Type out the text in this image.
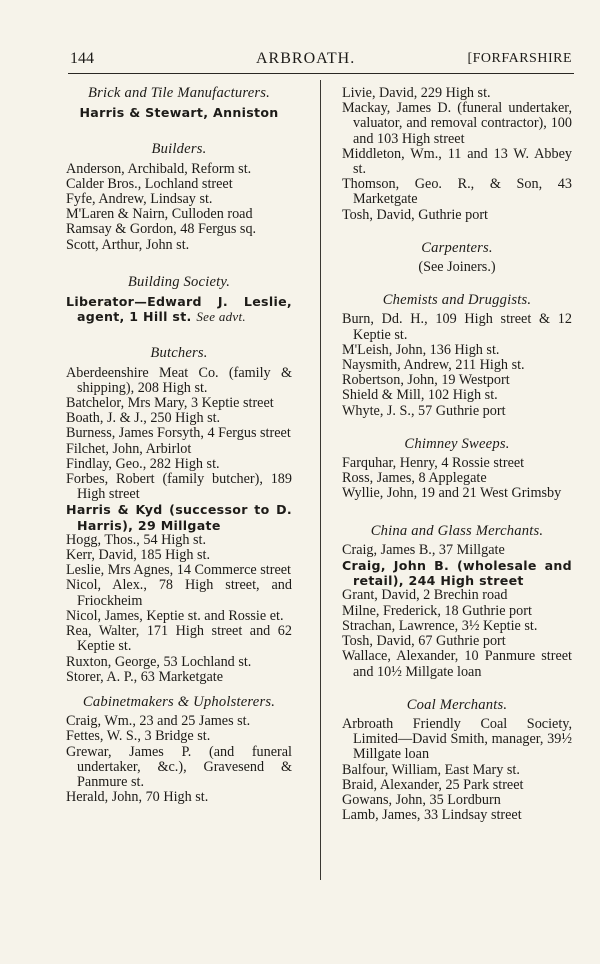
144	ARBROATH.	[FORFARSHIRE
Brick and Tile Manufacturers.

Harris & Stewart, Anniston

Builders.

Anderson, Archibald, Reform st.

Calder Bros., Lochland street

Fyfe, Andrew, Lindsay st.

M'Laren & Nairn, Culloden road

Ramsay & Gordon, 48 Fergus sq.

Scott, Arthur, John st.

Building Society.

Liberator—Edward J. Leslie, agent, 1 Hill st. See advt.

Butchers.

Aberdeenshire Meat Co. (family & shipping), 208 High st.

Batchelor, Mrs Mary, 3 Keptie street

Boath, J. & J., 250 High st.

Burness, James Forsyth, 4 Fergus street

Filchet, John, Arbirlot

Findlay, Geo., 282 High st.

Forbes, Robert (family butcher), 189 High street

Harris & Kyd (successor to D. Harris), 29 Millgate

Hogg, Thos., 54 High st.

Kerr, David, 185 High st.

Leslie, Mrs Agnes, 14 Commerce street

Nicol, Alex., 78 High street, and Friockheim

Nicol, James, Keptie st. and Rossie et.

Rea, Walter, 171 High street and 62 Keptie st.

Ruxton, George, 53 Lochland st.

Storer, A. P., 63 Marketgate

Cabinetmakers & Upholsterers.

Craig, Wm., 23 and 25 James st.

Fettes, W. S., 3 Bridge st.

Grewar, James P. (and funeral undertaker, &c.), Gravesend & Panmure st.

Herald, John, 70 High st.

Livie, David, 229 High st.

Mackay, James D. (funeral undertaker, valuator, and removal contractor), 100 and 103 High street

Middleton, Wm., 11 and 13 W. Abbey st.

Thomson, Geo. R., & Son, 43 Marketgate

Tosh, David, Guthrie port

Carpenters.

(See Joiners.)

Chemists and Druggists.

Burn, Dd. H., 109 High street & 12 Keptie st.

M'Leish, John, 136 High st.

Naysmith, Andrew, 211 High st.

Robertson, John, 19 Westport

Shield & Mill, 102 High st.

Whyte, J. S., 57 Guthrie port

Chimney Sweeps.

Farquhar, Henry, 4 Rossie street

Ross, James, 8 Applegate

Wyllie, John, 19 and 21 West Grimsby

China and Glass Merchants.

Craig, James B., 37 Millgate

Craig, John B. (wholesale and retail), 244 High street

Grant, David, 2 Brechin road

Milne, Frederick, 18 Guthrie port

Strachan, Lawrence, 3½ Keptie st.

Tosh, David, 67 Guthrie port

Wallace, Alexander, 10 Panmure street and 10½ Millgate loan

Coal Merchants.

Arbroath Friendly Coal Society, Limited—David Smith, manager, 39½ Millgate loan

Balfour, William, East Mary st.

Braid, Alexander, 25 Park street

Gowans, John, 35 Lordburn

Lamb, James, 33 Lindsay street
